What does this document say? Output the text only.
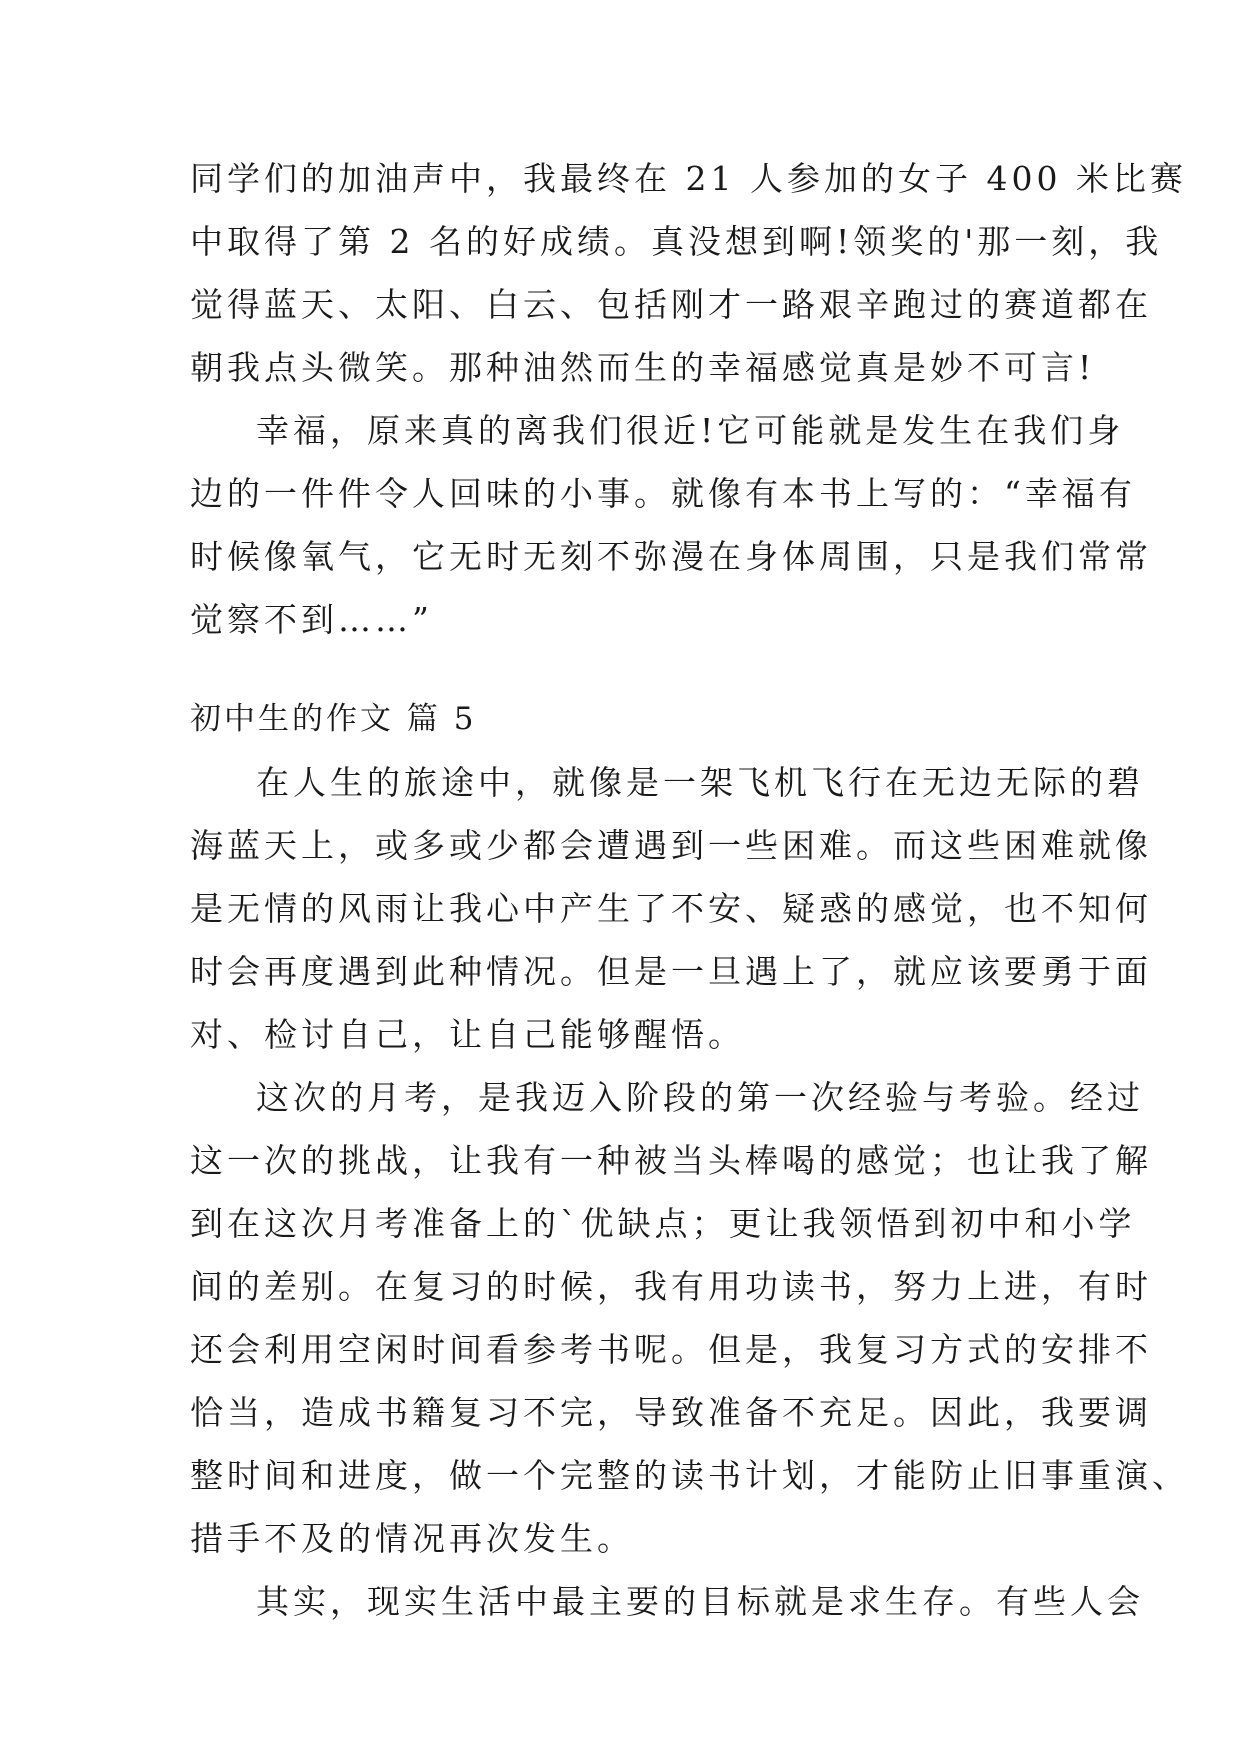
同学们的加油声中，我最终在 21 人参加的女子 400 米比赛
中取得了第 2 名的好成绩。真没想到啊!领奖的'那一刻，我
觉得蓝天、太阳、白云、包括刚才一路艰辛跑过的赛道都在
朝我点头微笑。那种油然而生的幸福感觉真是妙不可言!
幸福，原来真的离我们很近!它可能就是发生在我们身
边的一件件令人回味的小事。就像有本书上写的：“幸福有
时候像氧气，它无时无刻不弥漫在身体周围，只是我们常常
觉察不到……”
初中生的作文 篇 5
在人生的旅途中，就像是一架飞机飞行在无边无际的碧
海蓝天上，或多或少都会遭遇到一些困难。而这些困难就像
是无情的风雨让我心中产生了不安、疑惑的感觉，也不知何
时会再度遇到此种情况。但是一旦遇上了，就应该要勇于面
对、检讨自己，让自己能够醒悟。
这次的月考，是我迈入阶段的第一次经验与考验。经过
这一次的挑战，让我有一种被当头棒喝的感觉；也让我了解
到在这次月考准备上的`优缺点；更让我领悟到初中和小学
间的差别。在复习的时候，我有用功读书，努力上进，有时
还会利用空闲时间看参考书呢。但是，我复习方式的安排不
恰当，造成书籍复习不完，导致准备不充足。因此，我要调
整时间和进度，做一个完整的读书计划，才能防止旧事重演、
措手不及的情况再次发生。
其实，现实生活中最主要的目标就是求生存。有些人会
